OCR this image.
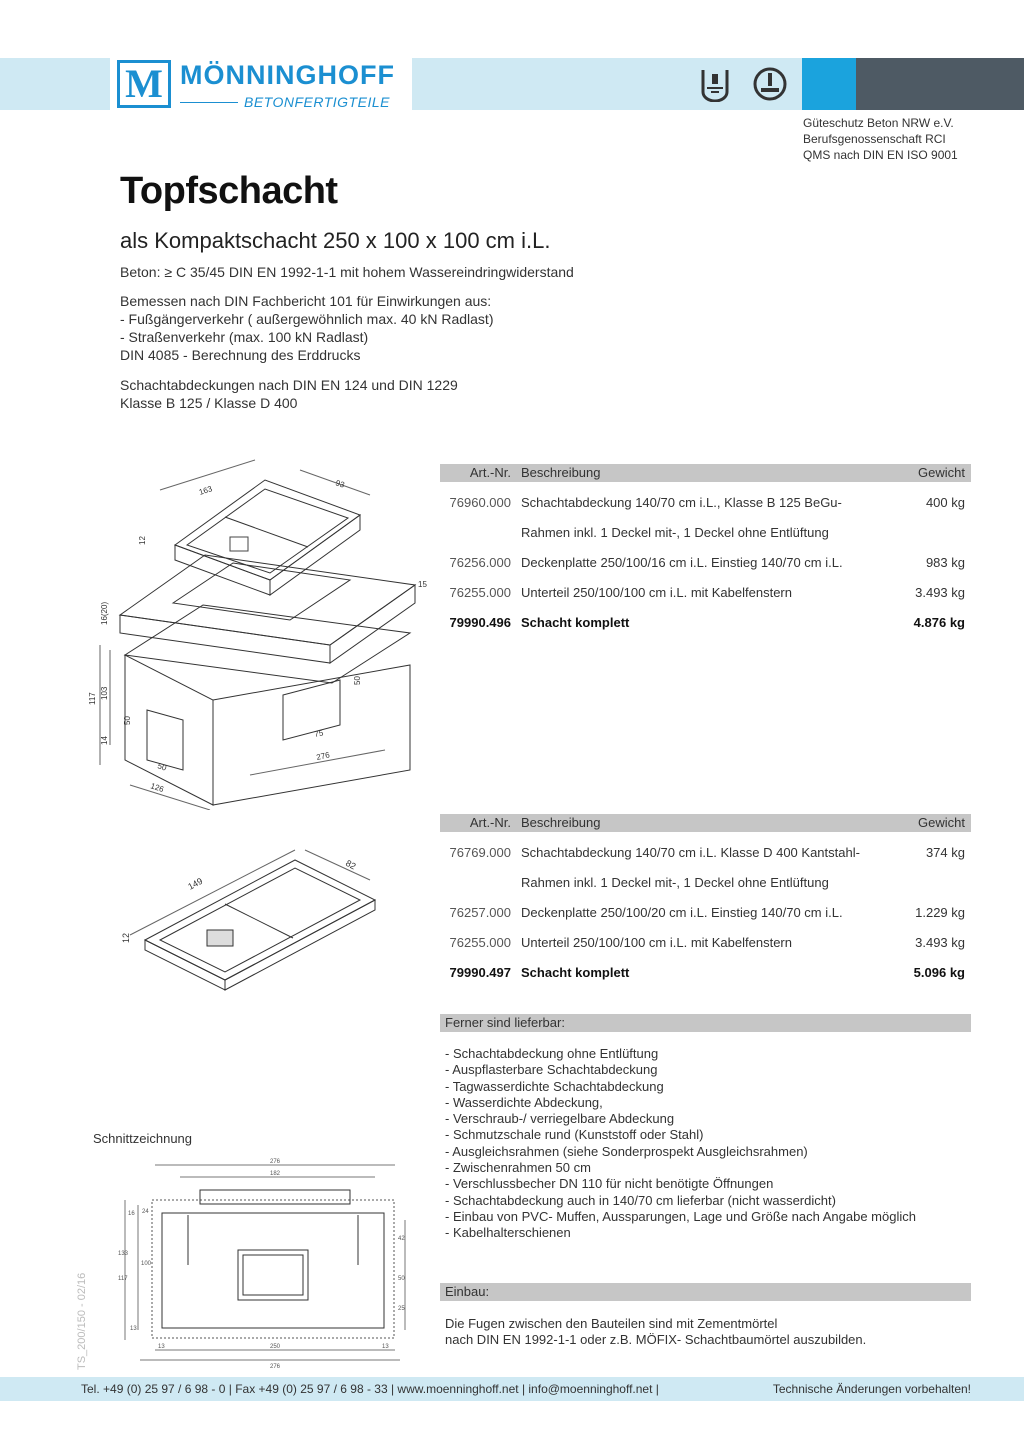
M MÖNNINGHOFF
BETONFERTIGTEILE
Güteschutz Beton NRW e.V.
Berufsgenossenschaft RCI
QMS nach DIN EN ISO 9001
Topfschacht
als Kompaktschacht 250 x 100 x 100 cm i.L.
Beton: ≥ C 35/45 DIN EN 1992-1-1 mit hohem Wassereindringwiderstand
Bemessen nach DIN Fachbericht 101 für Einwirkungen aus:
- Fußgängerverkehr ( außergewöhnlich max. 40 kN Radlast)
- Straßenverkehr (max. 100 kN Radlast)
DIN 4085 - Berechnung des Erddrucks
Schachtabdeckungen nach DIN EN 124 und DIN 1229
Klasse B 125 / Klasse D 400
163
93
12
16(20)
117 103
14
50
50
50
75
276
126
15
Art.-Nr. Beschreibung	Gewicht
76960.000 Schachtabdeckung 140/70 cm i.L., Klasse B 125 BeGu-	400 kg
Rahmen inkl. 1 Deckel mit-, 1 Deckel ohne Entlüftung
76256.000 Deckenplatte 250/100/16 cm i.L. Einstieg 140/70 cm i.L.	983 kg
76255.000 Unterteil 250/100/100 cm i.L. mit Kabelfenstern	3.493 kg
79990.496 Schacht komplett	4.876 kg
149
82
12
Art.-Nr. Beschreibung	Gewicht
76769.000 Schachtabdeckung 140/70 cm i.L. Klasse D 400 Kantstahl-	374 kg
Rahmen inkl. 1 Deckel mit-, 1 Deckel ohne Entlüftung
76257.000 Deckenplatte 250/100/20 cm i.L. Einstieg 140/70 cm i.L.	1.229 kg
76255.000 Unterteil 250/100/100 cm i.L. mit Kabelfenstern	3.493 kg
79990.497 Schacht komplett	5.096 kg
Ferner sind lieferbar:
- Schachtabdeckung ohne Entlüftung
- Auspflasterbare Schachtabdeckung
- Tagwasserdichte Schachtabdeckung
- Wasserdichte Abdeckung,
- Verschraub-/ verriegelbare Abdeckung
- Schmutzschale rund (Kunststoff oder Stahl)
- Ausgleichsrahmen (siehe Sonderprospekt Ausgleichsrahmen)
- Zwischenrahmen 50 cm
- Verschlussbecher DN 110 für nicht benötigte Öffnungen
- Schachtabdeckung auch in 140/70 cm lieferbar (nicht wasserdicht)
- Einbau von PVC- Muffen, Aussparungen, Lage und Größe nach Angabe möglich
- Kabelhalterschienen
Einbau:
Die Fugen zwischen den Bauteilen sind mit Zementmörtel
nach DIN EN 1992-1-1 oder z.B. MÖFIX- Schachtbaumörtel auszubilden.
Schnittzeichnung
276
182
250
276
13	13
24
16
133
117
100
13
42
50
25
TS_200/150 - 02/16
Tel. +49 (0) 25 97 / 6 98 - 0 | Fax +49 (0) 25 97 / 6 98 - 33 | www.moenninghoff.net | info@moenninghoff.net |	Technische Änderungen vorbehalten!
